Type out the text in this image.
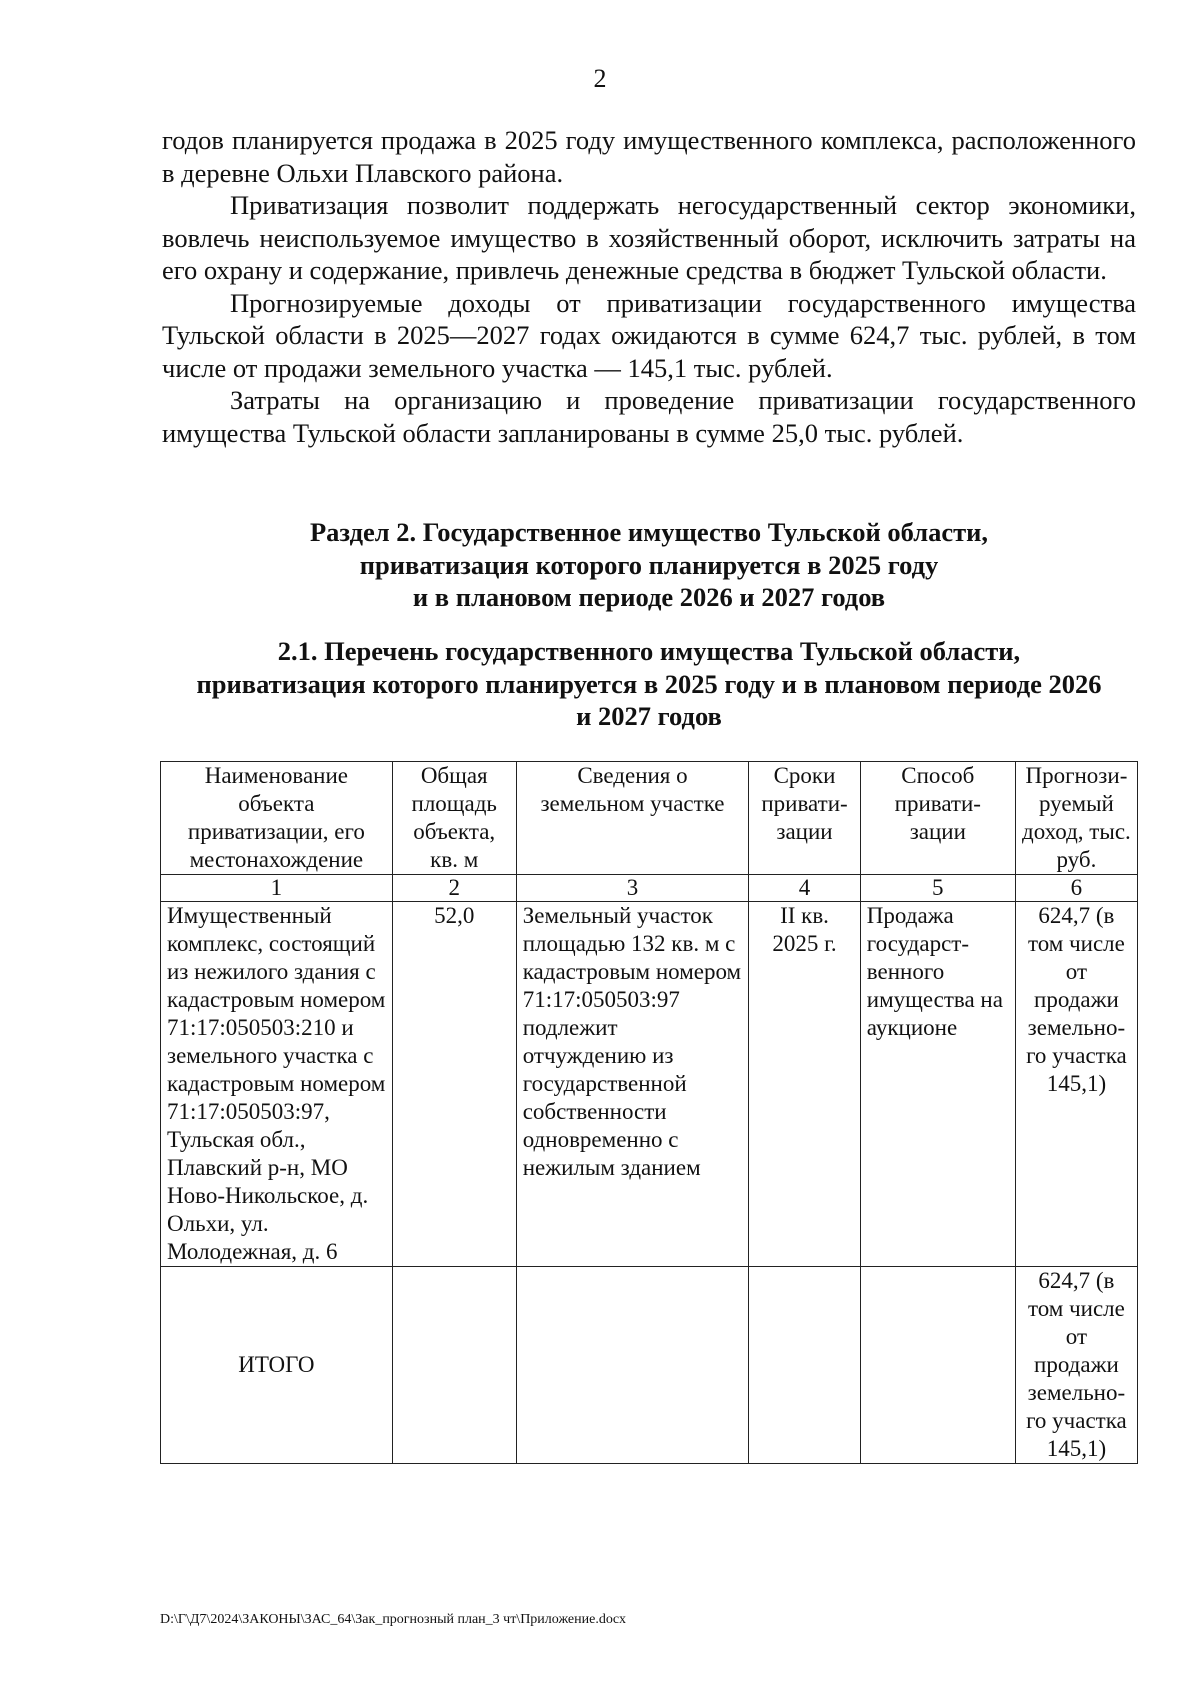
2

годов планируется продажа в 2025 году имущественного комплекса, расположенного в деревне Ольхи Плавского района.

Приватизация позволит поддержать негосударственный сектор экономики, вовлечь неиспользуемое имущество в хозяйственный оборот, исключить затраты на его охрану и содержание, привлечь денежные средства в бюджет Тульской области.

Прогнозируемые доходы от приватизации государственного имущества Тульской области в 2025—2027 годах ожидаются в сумме 624,7 тыс. рублей, в том числе от продажи земельного участка — 145,1 тыс. рублей.

Затраты на организацию и проведение приватизации государственного имущества Тульской области запланированы в сумме 25,0 тыс. рублей.

Раздел 2. Государственное имущество Тульской области,
приватизация которого планируется в 2025 году
и в плановом периоде 2026 и 2027 годов
2.1. Перечень государственного имущества Тульской области,
приватизация которого планируется в 2025 году и в плановом периоде 2026
и 2027 годов
Наименование объекта приватизации, его местонахождение	Общая площадь объекта, кв. м	Сведения о земельном участке	Сроки привати-зации	Способ привати-зации	Прогнози-руемый доход, тыс. руб.
1	2	3	4	5	6
Имущественный комплекс, состоящий из нежилого здания с кадастровым номером 71:17:050503:210 и земельного участка с кадастровым номером 71:17:050503:97, Тульская обл., Плавский р-н, МО Ново-Никольское, д. Ольхи, ул. Молодежная, д. 6	52,0	Земельный участок площадью 132 кв. м с кадастровым номером 71:17:050503:97 подлежит отчуждению из государственной собственности одновременно с нежилым зданием	II кв. 2025 г.	Продажа государст-венного имущества на аукционе	624,7 (в том числе от продажи земельно-го участка 145,1)
ИТОГО					624,7 (в том числе от продажи земельно-го участка 145,1)
D:\Г\Д7\2024\ЗАКОНЫ\ЗАС_64\Зак_прогнозный план_3 чт\Приложение.docx
